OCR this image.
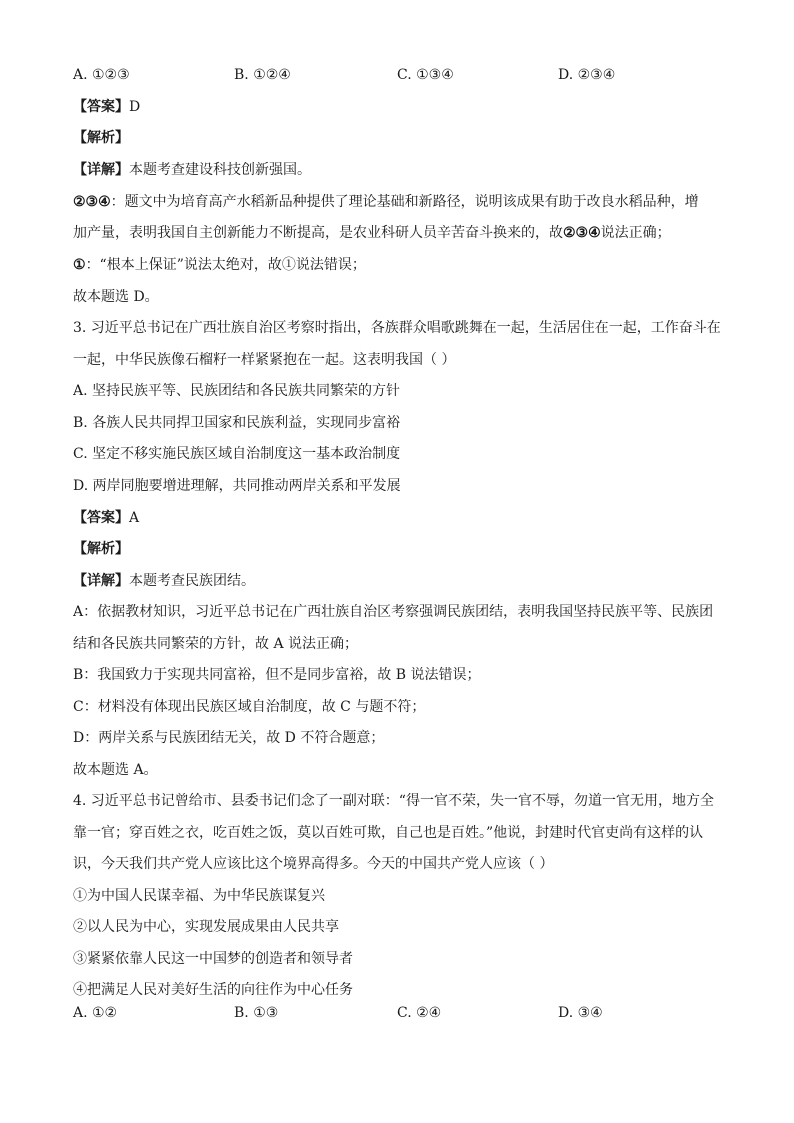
A. ①②③	B. ①②④	C. ①③④	D. ②③④
【答案】D
【解析】
【详解】本题考查建设科技创新强国。
②③④：题文中为培育高产水稻新品种提供了理论基础和新路径，说明该成果有助于改良水稻品种，增
加产量，表明我国自主创新能力不断提高，是农业科研人员辛苦奋斗换来的，故②③④说法正确；
①：“根本上保证”说法太绝对，故①说法错误；
故本题选 D。
3. 习近平总书记在广西壮族自治区考察时指出，各族群众唱歌跳舞在一起，生活居住在一起，工作奋斗在
一起，中华民族像石榴籽一样紧紧抱在一起。这表明我国（ ）
A. 坚持民族平等、民族团结和各民族共同繁荣的方针
B. 各族人民共同捍卫国家和民族利益，实现同步富裕
C. 坚定不移实施民族区域自治制度这一基本政治制度
D. 两岸同胞要增进理解，共同推动两岸关系和平发展
【答案】A
【解析】
【详解】本题考查民族团结。
A：依据教材知识，习近平总书记在广西壮族自治区考察强调民族团结，表明我国坚持民族平等、民族团
结和各民族共同繁荣的方针，故 A 说法正确；
B：我国致力于实现共同富裕，但不是同步富裕，故 B 说法错误；
C：材料没有体现出民族区域自治制度，故 C 与题不符；
D：两岸关系与民族团结无关，故 D 不符合题意；
故本题选 A。
4. 习近平总书记曾给市、县委书记们念了一副对联：“得一官不荣，失一官不辱，勿道一官无用，地方全
靠一官；穿百姓之衣，吃百姓之饭，莫以百姓可欺，自己也是百姓。”他说，封建时代官吏尚有这样的认
识，今天我们共产党人应该比这个境界高得多。今天的中国共产党人应该（ ）
①为中国人民谋幸福、为中华民族谋复兴
②以人民为中心，实现发展成果由人民共享
③紧紧依靠人民这一中国梦的创造者和领导者
④把满足人民对美好生活的向往作为中心任务
A. ①②	B. ①③	C. ②④	D. ③④
